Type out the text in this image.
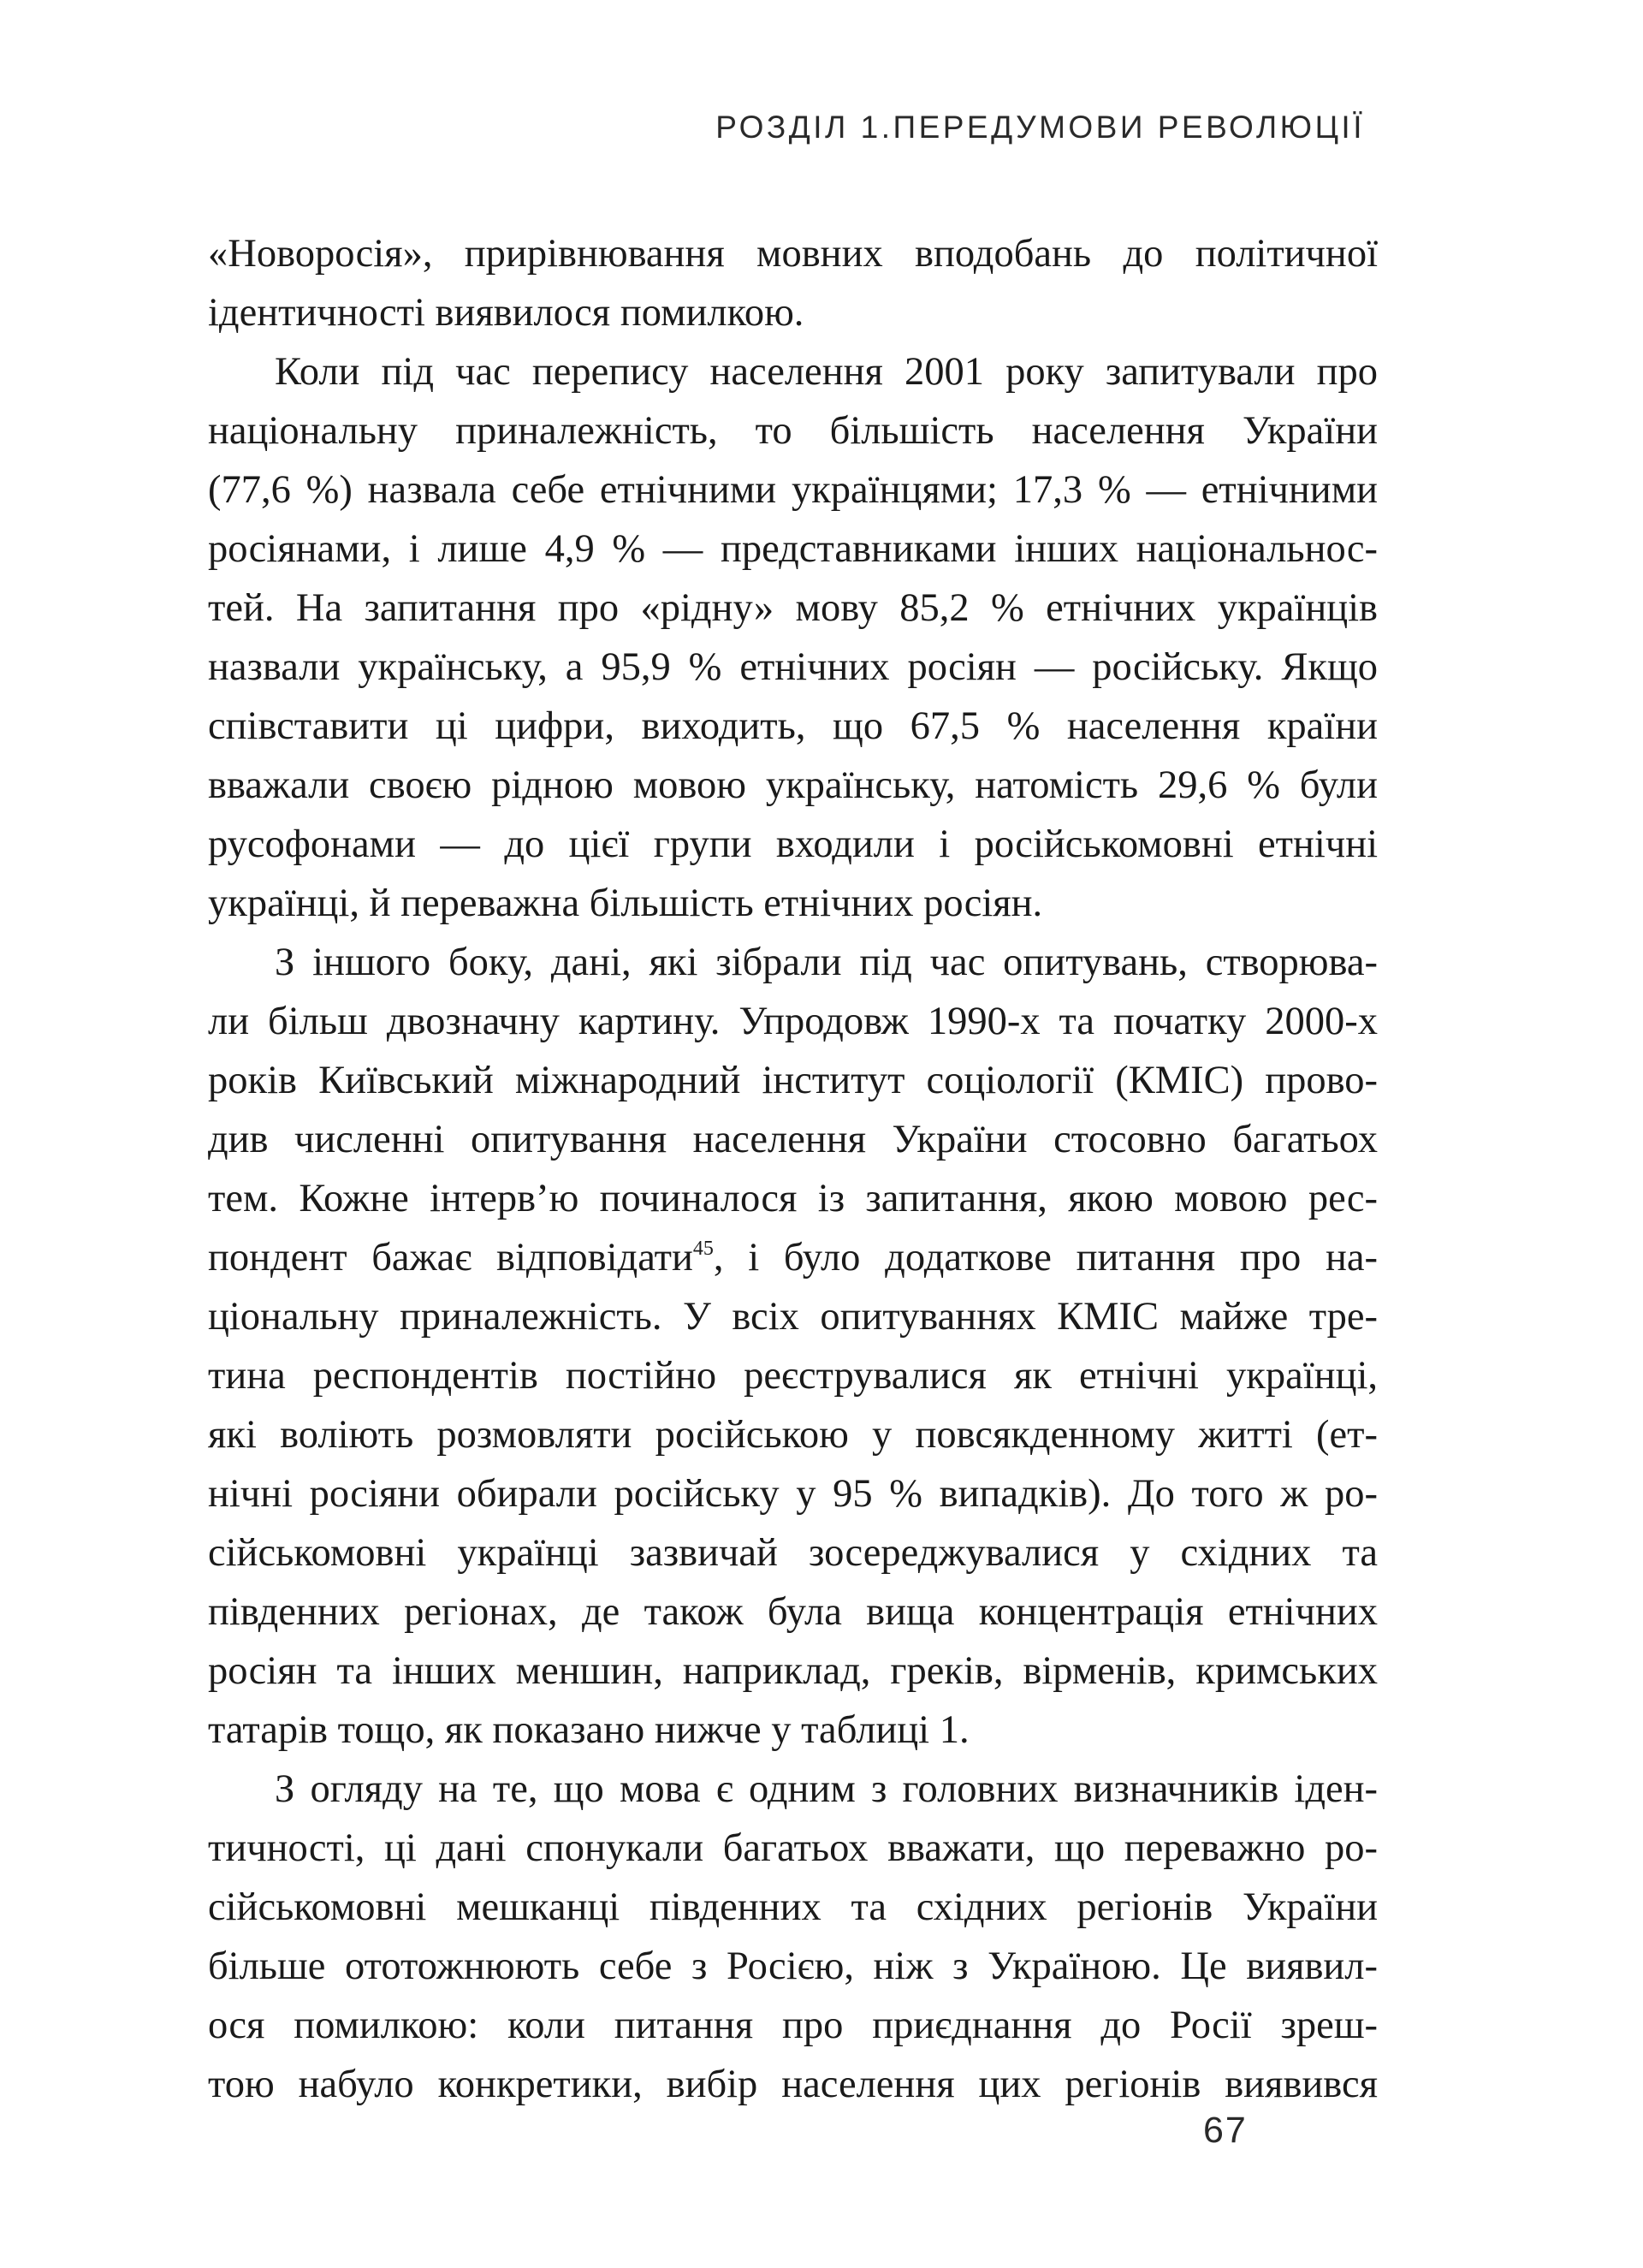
РОЗДІЛ 1.ПЕРЕДУМОВИ РЕВОЛЮЦІЇ
«Новоросія», прирівнювання мовних вподобань до політичної
ідентичності виявилося помилкою.
Коли під час перепису населення 2001 року запитували про
національну приналежність, то більшість населення України
(77,6 %) назвала себе етнічними українцями; 17,3 % — етнічними
росіянами, і лише 4,9 % — представниками інших національнос-
тей. На запитання про «рідну» мову 85,2 % етнічних українців
назвали українську, а 95,9 % етнічних росіян — російську. Якщо
співставити ці цифри, виходить, що 67,5 % населення країни
вважали своєю рідною мовою українську, натомість 29,6 % були
русофонами — до цієї групи входили і російськомовні етнічні
українці, й переважна більшість етнічних росіян.
З іншого боку, дані, які зібрали під час опитувань, створюва-
ли більш двозначну картину. Упродовж 1990-х та початку 2000-х
років Київський міжнародний інститут соціології (КМІС) прово-
див численні опитування населення України стосовно багатьох
тем. Кожне інтерв’ю починалося із запитання, якою мовою рес-
пондент бажає відповідати$^{45}$, і було додаткове питання про на-
ціональну приналежність. У всіх опитуваннях КМІС майже тре-
тина респондентів постійно реєструвалися як етнічні українці,
які воліють розмовляти російською у повсякденному житті (ет-
нічні росіяни обирали російську у 95 % випадків). До того ж ро-
сійськомовні українці зазвичай зосереджувалися у східних та
південних регіонах, де також була вища концентрація етнічних
росіян та інших меншин, наприклад, греків, вірменів, кримських
татарів тощо, як показано нижче у таблиці 1.
З огляду на те, що мова є одним з головних визначників іден-
тичності, ці дані спонукали багатьох вважати, що переважно ро-
сійськомовні мешканці південних та східних регіонів України
більше ототожнюють себе з Росією, ніж з Україною. Це виявил-
ося помилкою: коли питання про приєднання до Росії зреш-
тою набуло конкретики, вибір населення цих регіонів виявився
67
